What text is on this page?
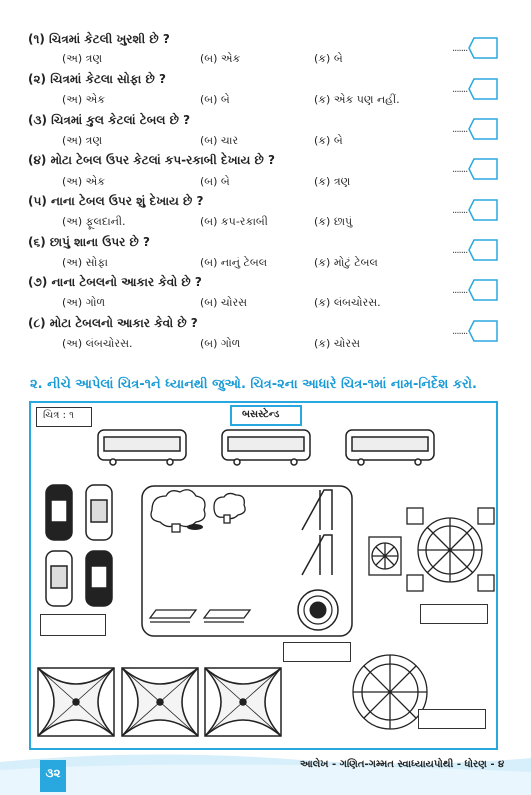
(૧) ચિત્રમાં કેટલી ખુરશી છે ?
(અ) ત્રણ	(બ) એક	(ક) બે
(૨) ચિત્રમાં કેટલા સોફા છે ?
(અ) એક	(બ) બે	(ક) એક પણ નહીં.
(૩) ચિત્રમાં કુલ કેટલાં ટેબલ છે ?
(અ) ત્રણ	(બ) ચાર	(ક) બે
(૪) મોટા ટેબલ ઉપર કેટલાં કપ-રકાબી દેખાય છે ?
(અ) એક	(બ) બે	(ક) ત્રણ
(૫) નાના ટેબલ ઉપર શું દેખાય છે ?
(અ) ફૂલદાની.	(બ) કપ-રકાબી	(ક) છાપું
(૬) છાપું શાના ઉપર છે ?
(અ) સોફા	(બ) નાનું ટેબલ	(ક) મોટું ટેબલ
(૭) નાના ટેબલનો આકાર કેવો છે ?
(અ) ગોળ	(બ) ચોરસ	(ક) લંબચોરસ.
(૮) મોટા ટેબલનો આકાર કેવો છે ?
(અ) લંબચોરસ.	(બ) ગોળ	(ક) ચોરસ
.......
.......
.......
.......
.......
.......
.......
.......
૨. નીચે આપેલાં ચિત્ર-૧ને ધ્યાનથી જુઓ. ચિત્ર-૨ના આધારે ચિત્ર-૧માં નામ-નિર્દેશ કરો.
ચિત્ર : ૧	બસસ્ટેન્ડ
૩૨
આલેખ - ગણિત-ગમ્મત સ્વાધ્યાયપોથી - ધોરણ - ૪
